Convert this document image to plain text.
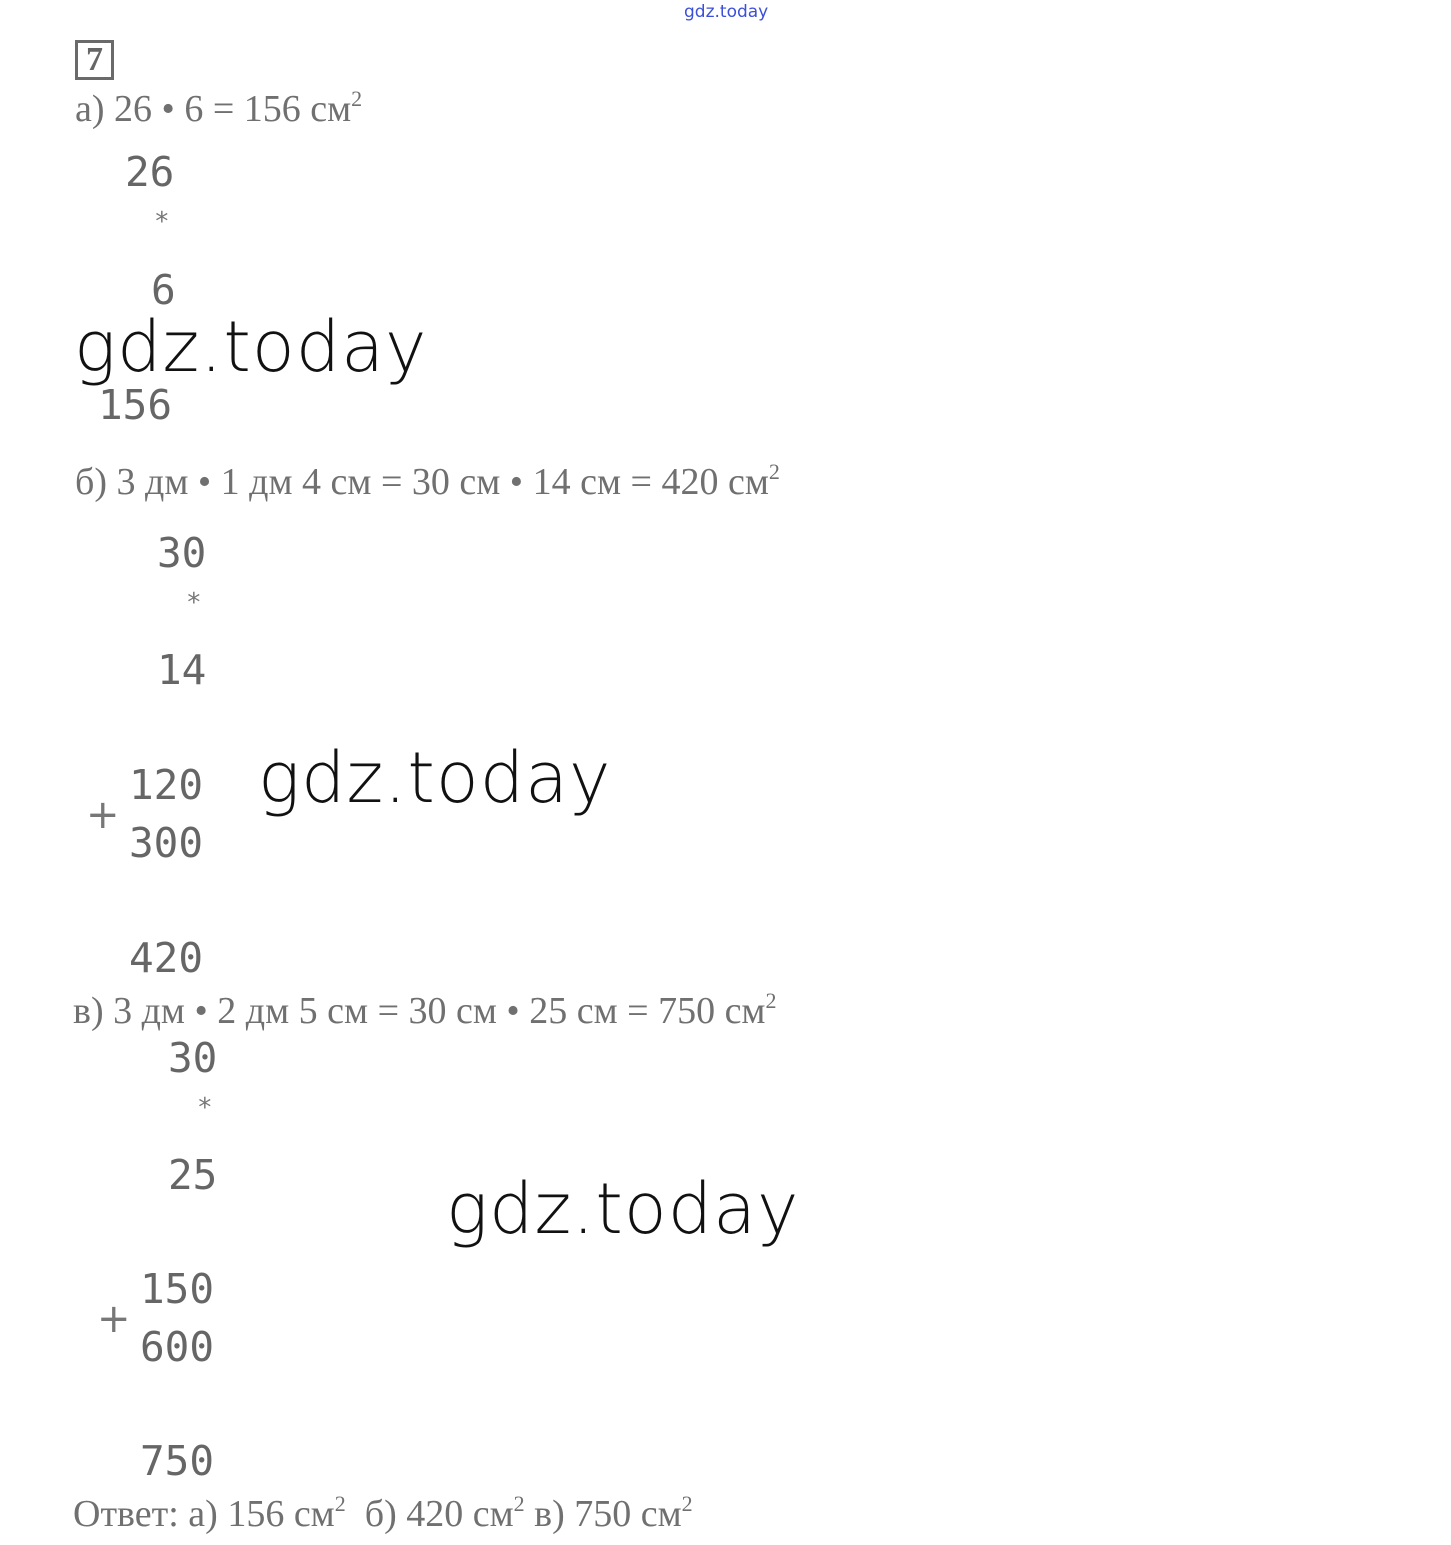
gdz.today
7
а) 26 • 6 = 156 $см^2$
26
*
6
156
б) 3 дм • 1 дм 4 см = 30 см • 14 см = 420 $см^2$
30
*
14
120
+
300
420
в) 3 дм • 2 дм 5 см = 30 см • 25 см = 750 $см^2$
30
*
25
150
+
600
750
Ответ: а) 156 $см^2$ б) 420 $см^2$ в) 750 $см^2$
gdz.today
gdz.today
gdz.today
